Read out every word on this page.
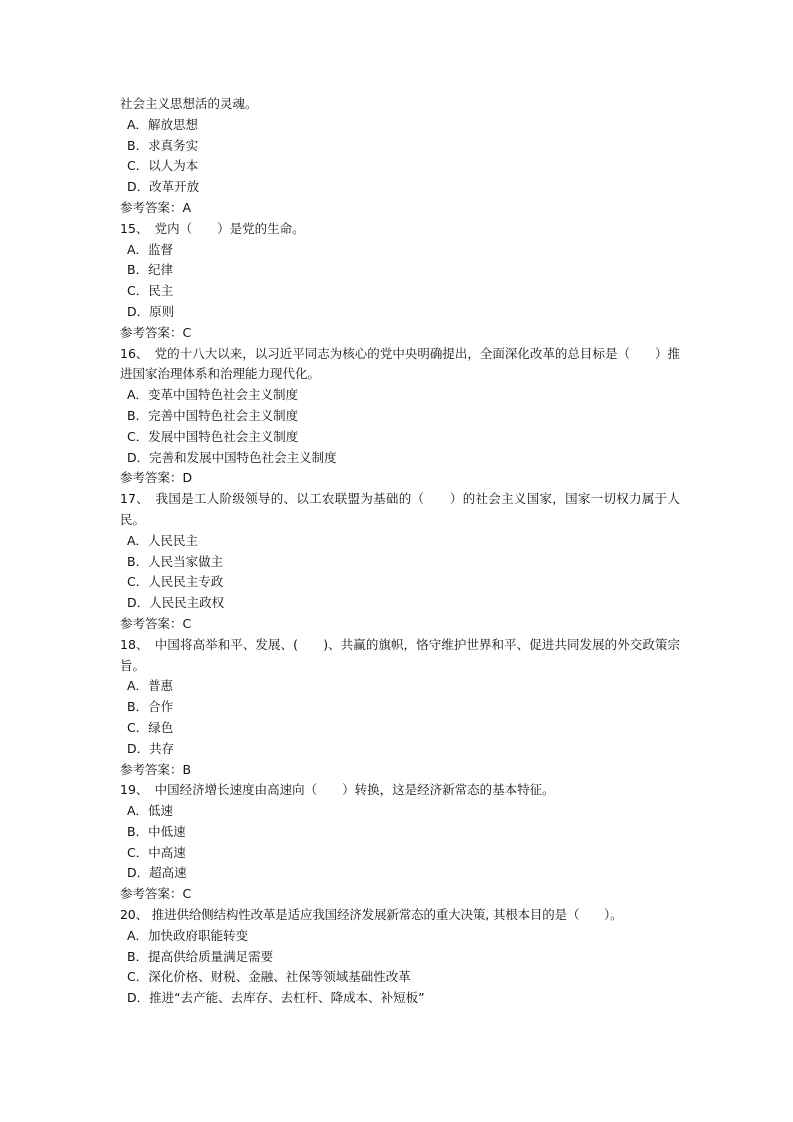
社会主义思想活的灵魂。
A．解放思想
B．求真务实
C．以人为本
D．改革开放
参考答案：A
15、　党内（　　）是党的生命。
A．监督
B．纪律
C．民主
D．原则
参考答案：C
16、　党的十八大以来，以习近平同志为核心的党中央明确提出，全面深化改革的总目标是（　　）推进国家治理体系和治理能力现代化。
A．变革中国特色社会主义制度
B．完善中国特色社会主义制度
C．发展中国特色社会主义制度
D．完善和发展中国特色社会主义制度
参考答案：D
17、　我国是工人阶级领导的、以工农联盟为基础的（　　）的社会主义国家，国家一切权力属于人民。
A．人民民主
B．人民当家做主
C．人民民主专政
D．人民民主政权
参考答案：C
18、　中国将高举和平、发展、(　　)、共赢的旗帜，恪守维护世界和平、促进共同发展的外交政策宗旨。
A．普惠
B．合作
C．绿色
D．共存
参考答案：B
19、　中国经济增长速度由高速向（　　）转换，这是经济新常态的基本特征。
A．低速
B．中低速
C．中高速
D．超高速
参考答案：C
20、 推进供给侧结构性改革是适应我国经济发展新常态的重大决策, 其根本目的是（　　）。
A．加快政府职能转变
B．提高供给质量满足需要
C．深化价格、财税、金融、社保等领域基础性改革
D．推进“去产能、去库存、去杠杆、降成本、补短板”
